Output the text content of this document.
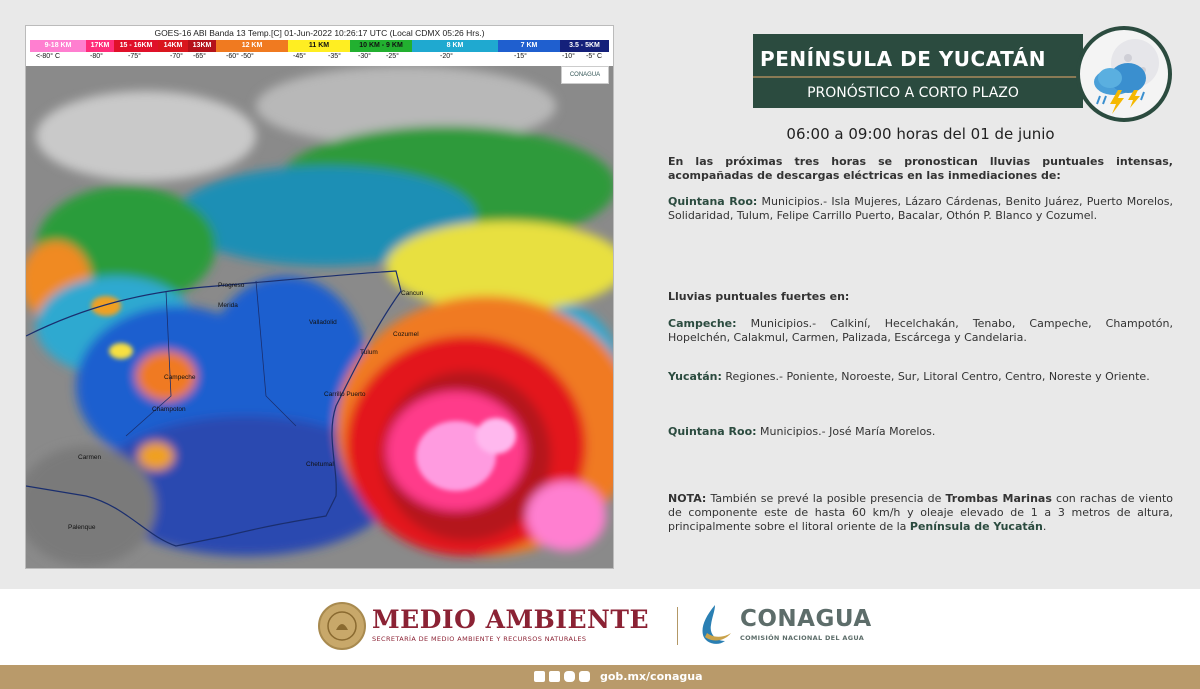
GOES-16 ABI Banda 13 Temp.[C] 01-Jun-2022 10:26:17 UTC (Local CDMX 05:26 Hrs.)
9-18 KM	17KM	15 - 16KM	14KM	13KM	12 KM	11 KM	10 KM - 9 KM	8 KM	7 KM	3.5 - 5KM
<-80° C	-80°	-75°	-70° -65°	-60° -50°	-45°	-35° -30° -25°	-20°	-15°	-10° -5° C
Progreso
Merida
Cancun
Valladolid
Cozumel
Tulum
Campeche
Champoton
Carrillo Puerto
Chetumal
Carmen
Palenque
CONAGUA
PENÍNSULA DE YUCATÁN
PRONÓSTICO A CORTO PLAZO
06:00 a 09:00 horas del 01 de junio
En las próximas tres horas se pronostican lluvias puntuales intensas, acompañadas de descargas eléctricas en las inmediaciones de:
Quintana Roo: Municipios.- Isla Mujeres, Lázaro Cárdenas, Benito Juárez, Puerto Morelos, Solidaridad, Tulum, Felipe Carrillo Puerto, Bacalar, Othón P. Blanco y Cozumel.
Lluvias puntuales fuertes en:
Campeche: Municipios.- Calkiní, Hecelchakán, Tenabo, Campeche, Champotón, Hopelchén, Calakmul, Carmen, Palizada, Escárcega y Candelaria.
Yucatán: Regiones.- Poniente, Noroeste, Sur, Litoral Centro, Centro, Noreste y Oriente.
Quintana Roo: Municipios.- José María Morelos.
NOTA: También se prevé la posible presencia de Trombas Marinas con rachas de viento de componente este de hasta 60 km/h y oleaje elevado de 1 a 3 metros de altura, principalmente sobre el litoral oriente de la Península de Yucatán.
MEDIO AMBIENTE
SECRETARÍA DE MEDIO AMBIENTE Y RECURSOS NATURALES
CONAGUA
COMISIÓN NACIONAL DEL AGUA
gob.mx/conagua
